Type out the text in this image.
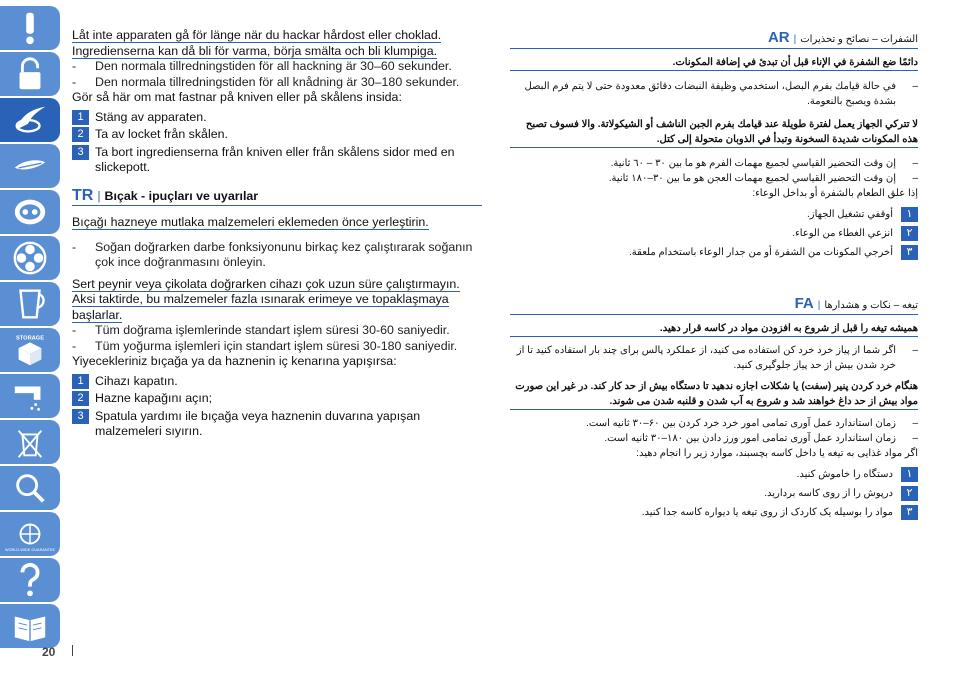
STORAGE
WORLD-WIDE GUARANTEE
20
Låt inte apparaten gå för länge när du hackar hårdost eller choklad.
Ingredienserna kan då bli för varma, börja smälta och bli klumpiga.
- Den normala tillredningstiden för all hackning är 30–60 sekunder.
- Den normala tillredningstiden för all knådning är 30–180 sekunder.
Gör så här om mat fastnar på kniven eller på skålens insida:
1 Stäng av apparaten.
2 Ta av locket från skålen.
3 Ta bort ingredienserna från kniven eller från skålens sidor med en slickepott.
TR | Bıçak - ipuçları ve uyarılar
Bıçağı hazneye mutlaka malzemeleri eklemeden önce yerleştirin.
- Soğan doğrarken darbe fonksiyonunu birkaç kez çalıştırarak soğanın çok ince doğranmasını önleyin.
Sert peynir veya çikolata doğrarken cihazı çok uzun süre çalıştırmayın.
Aksi taktirde, bu malzemeler fazla ısınarak erimeye ve topaklaşmaya başlarlar.
- Tüm doğrama işlemlerinde standart işlem süresi 30-60 saniyedir.
- Tüm yoğurma işlemleri için standart işlem süresi 30-180 saniyedir.
Yiyecekleriniz bıçağa ya da haznenin iç kenarına yapışırsa:
1 Cihazı kapatın.
2 Hazne kapağını açın;
3 Spatula yardımı ile bıçağa veya haznenin duvarına yapışan malzemeleri sıyırın.
الشفرات – نصائح و تحذيرات
|
AR
دائمًا ضع الشفرة في الإناء قبل أن تبدئ في إضافة المكونات.
– في حالة قيامك بفرم البصل، استخدمي وظيفة النبضات دقائق معدودة حتى لا يتم فرم البصل بشدة ويصبح بالنعومة.
لا تتركي الجهاز يعمل لفترة طويلة عند قيامك بفرم الجبن الناشف أو الشيكولاتة. والا فسوف تصبح هذه المكونات شديدة السخونة وتبدأ في الذوبان متحولة إلى كتل.
– إن وقت التحضير القياسي لجميع مهمات الفرم هو ما بين ٣٠ – ٦٠ ثانية.
– إن وقت التحضير القياسي لجميع مهمات العجن هو ما بين ٣٠–١٨٠ ثانية.
إذا علق الطعام بالشفرة أو بداخل الوعاء:
١
أوقفي تشغيل الجهاز.
٢
انزعي الغطاء من الوعاء.
٣
أخرجي المكونات من الشفرة أو من جدار الوعاء باستخدام ملعقة.
تیغه – نکات و هشدارها
|
FA
همیشه تیغه را قبل از شروع به افزودن مواد در کاسه قرار دهید.
– اگر شما از پیاز خرد خرد کن استفاده می کنید، از عملکرد پالس برای چند بار استفاده کنید تا از خرد شدن بیش از حد پیاز جلوگیری کنید.
هنگام خرد کردن پنیر (سفت) یا شکلات اجازه ندهید تا دستگاه بیش از حد کار کند. در غیر این صورت مواد بیش از حد داغ خواهند شد و شروع به آب شدن و قلنبه شدن می شوند.
– زمان استاندارد عمل آوری تمامی امور خرد خرد کردن بین ۶۰–۳۰ ثانیه است.
– زمان استاندارد عمل آوری تمامی امور ورز دادن بین ۱۸۰–۳۰ ثانیه است.
اگر مواد غذایی به تیغه یا داخل کاسه بچسبند، موارد زیر را انجام دهید:
۱
دستگاه را خاموش کنید.
۲
درپوش را از روی کاسه بردارید.
۳
مواد را بوسیله یک کاردک از روی تیغه یا دیواره کاسه جدا کنید.
